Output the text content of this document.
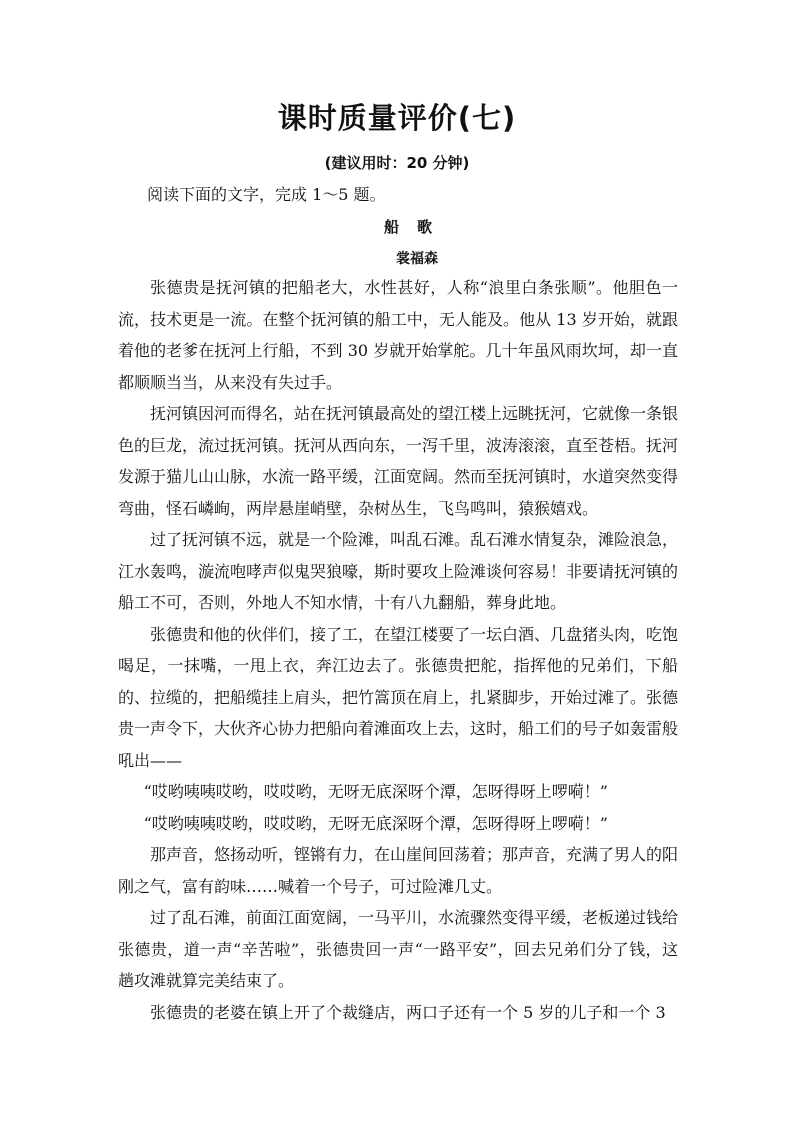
课时质量评价(七)
(建议用时：20 分钟)
阅读下面的文字，完成 1～5 题。
船歌
裳福森

张德贵是抚河镇的把船老大，水性甚好，人称“浪里白条张顺”。他胆色一流，技术更是一流。在整个抚河镇的船工中，无人能及。他从 13 岁开始，就跟着他的老爹在抚河上行船，不到 30 岁就开始掌舵。几十年虽风雨坎坷，却一直都顺顺当当，从来没有失过手。

抚河镇因河而得名，站在抚河镇最高处的望江楼上远眺抚河，它就像一条银色的巨龙，流过抚河镇。抚河从西向东，一泻千里，波涛滚滚，直至苍梧。抚河发源于猫儿山山脉，水流一路平缓，江面宽阔。然而至抚河镇时，水道突然变得弯曲，怪石嶙峋，两岸悬崖峭壁，杂树丛生，飞鸟鸣叫，猿猴嬉戏。

过了抚河镇不远，就是一个险滩，叫乱石滩。乱石滩水情复杂，滩险浪急，江水轰鸣，漩流咆哮声似鬼哭狼嚎，斯时要攻上险滩谈何容易！非要请抚河镇的船工不可，否则，外地人不知水情，十有八九翻船，葬身此地。

张德贵和他的伙伴们，接了工，在望江楼要了一坛白酒、几盘猪头肉，吃饱喝足，一抹嘴，一甩上衣，奔江边去了。张德贵把舵，指挥他的兄弟们，下船的、拉缆的，把船缆挂上肩头，把竹篙顶在肩上，扎紧脚步，开始过滩了。张德贵一声令下，大伙齐心协力把船向着滩面攻上去，这时，船工们的号子如轰雷般吼出——

“哎哟咦咦哎哟，哎哎哟，无呀无底深呀个潭，怎呀得呀上啰嗬！”

“哎哟咦咦哎哟，哎哎哟，无呀无底深呀个潭，怎呀得呀上啰嗬！”

那声音，悠扬动听，铿锵有力，在山崖间回荡着；那声音，充满了男人的阳刚之气，富有韵味……喊着一个号子，可过险滩几丈。

过了乱石滩，前面江面宽阔，一马平川，水流骤然变得平缓，老板递过钱给张德贵，道一声“辛苦啦”，张德贵回一声“一路平安”，回去兄弟们分了钱，这趟攻滩就算完美结束了。

张德贵的老婆在镇上开了个裁缝店，两口子还有一个 5 岁的儿子和一个 3
